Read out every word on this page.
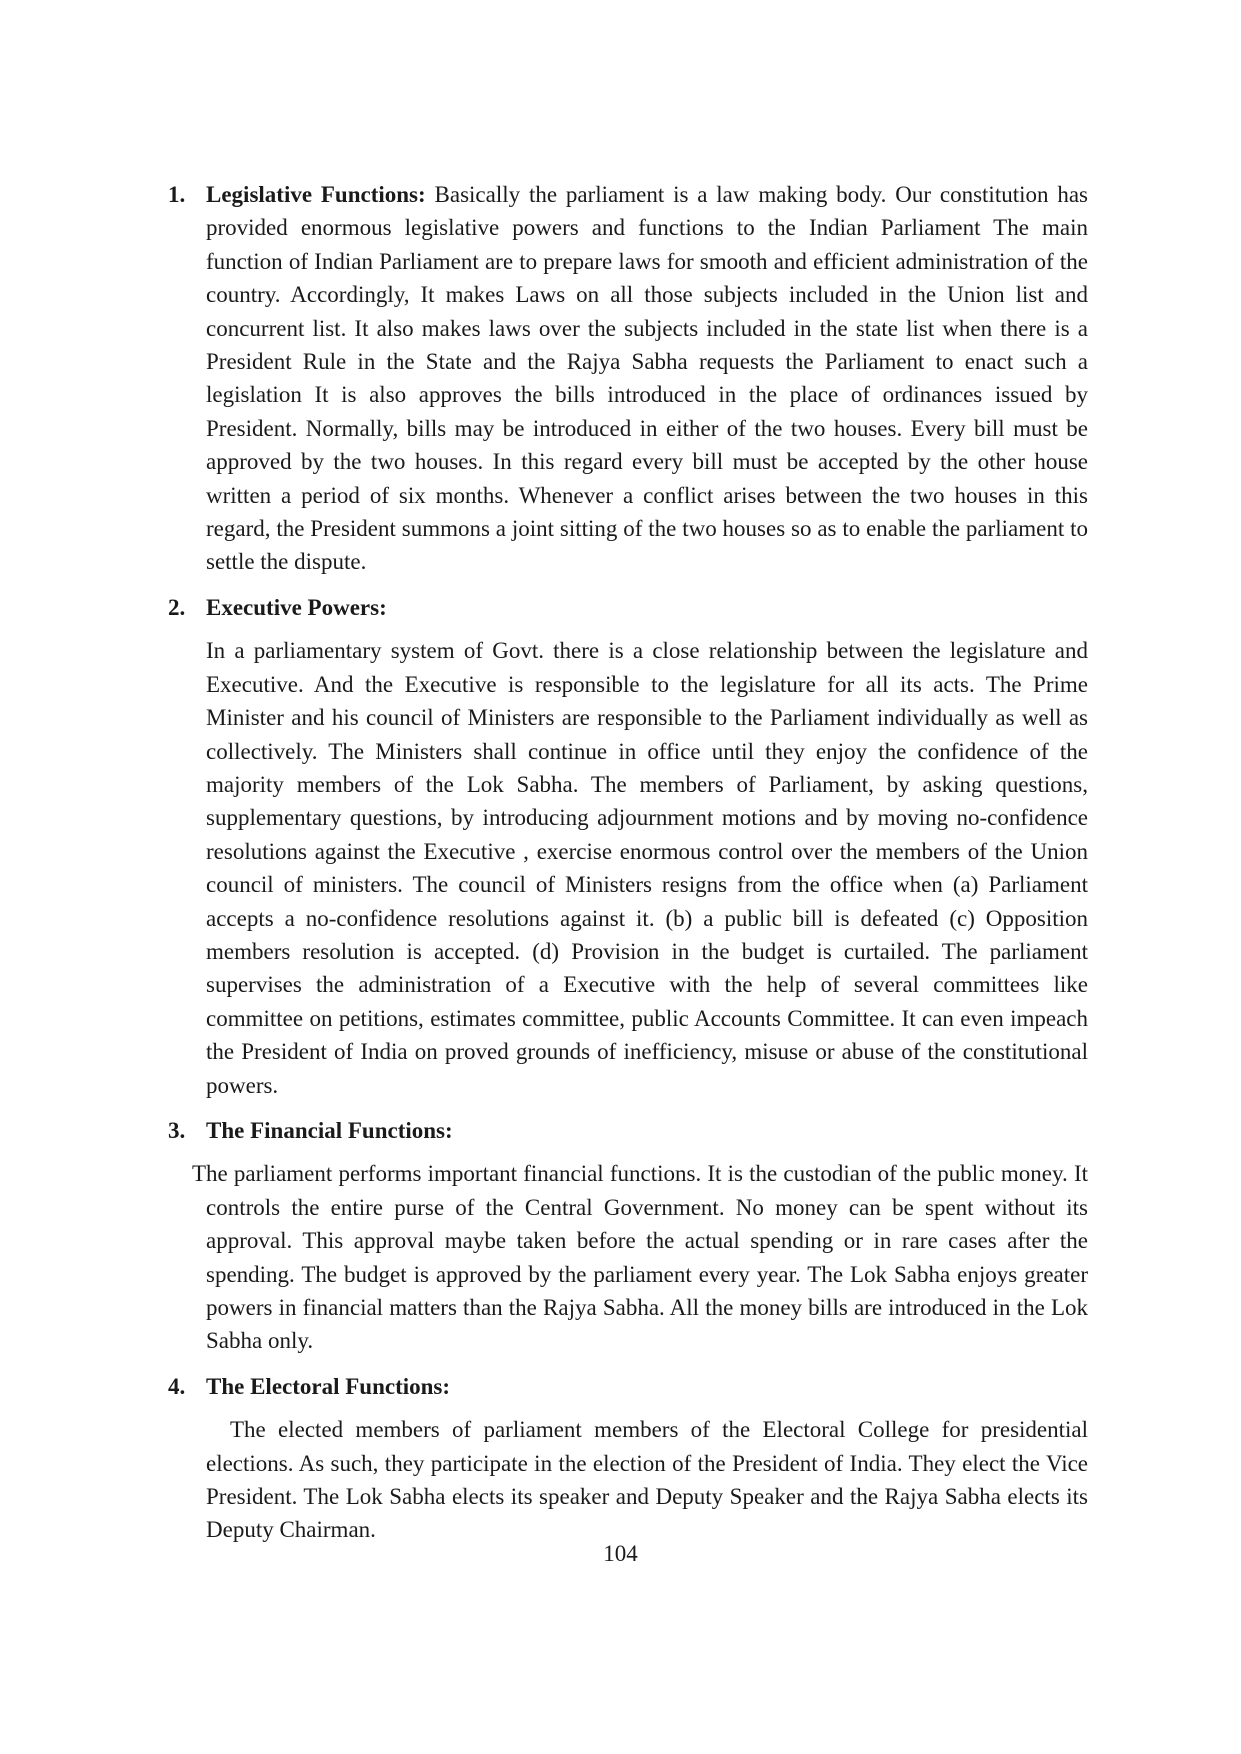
1. Legislative Functions: Basically the parliament is a law making body. Our constitution has provided enormous legislative powers and functions to the Indian Parliament The main function of Indian Parliament are to prepare laws for smooth and efficient administration of the country. Accordingly, It makes Laws on all those subjects included in the Union list and concurrent list. It also makes laws over the subjects included in the state list when there is a President Rule in the State and the Rajya Sabha requests the Parliament to enact such a legislation It is also approves the bills introduced in the place of ordinances issued by President. Normally, bills may be introduced in either of the two houses. Every bill must be approved by the two houses. In this regard every bill must be accepted by the other house written a period of six months. Whenever a conflict arises between the two houses in this regard, the President summons a joint sitting of the two houses so as to enable the parliament to settle the dispute.

2. Executive Powers:

In a parliamentary system of Govt. there is a close relationship between the legislature and Executive. And the Executive is responsible to the legislature for all its acts. The Prime Minister and his council of Ministers are responsible to the Parliament individually as well as collectively. The Ministers shall continue in office until they enjoy the confidence of the majority members of the Lok Sabha. The members of Parliament, by asking questions, supplementary questions, by introducing adjournment motions and by moving no-confidence resolutions against the Executive , exercise enormous control over the members of the Union council of ministers. The council of Ministers resigns from the office when (a) Parliament accepts a no-confidence resolutions against it. (b) a public bill is defeated (c) Opposition members resolution is accepted. (d) Provision in the budget is curtailed. The parliament supervises the administration of a Executive with the help of several committees like committee on petitions, estimates committee, public Accounts Committee. It can even impeach the President of India on proved grounds of inefficiency, misuse or abuse of the constitutional powers.

3. The Financial Functions:

The parliament performs important financial functions. It is the custodian of the public money. It controls the entire purse of the Central Government. No money can be spent without its approval. This approval maybe taken before the actual spending or in rare cases after the spending. The budget is approved by the parliament every year. The Lok Sabha enjoys greater powers in financial matters than the Rajya Sabha. All the money bills are introduced in the Lok Sabha only.

4. The Electoral Functions:

The elected members of parliament members of the Electoral College for presidential elections. As such, they participate in the election of the President of India. They elect the Vice President. The Lok Sabha elects its speaker and Deputy Speaker and the Rajya Sabha elects its Deputy Chairman.

104
